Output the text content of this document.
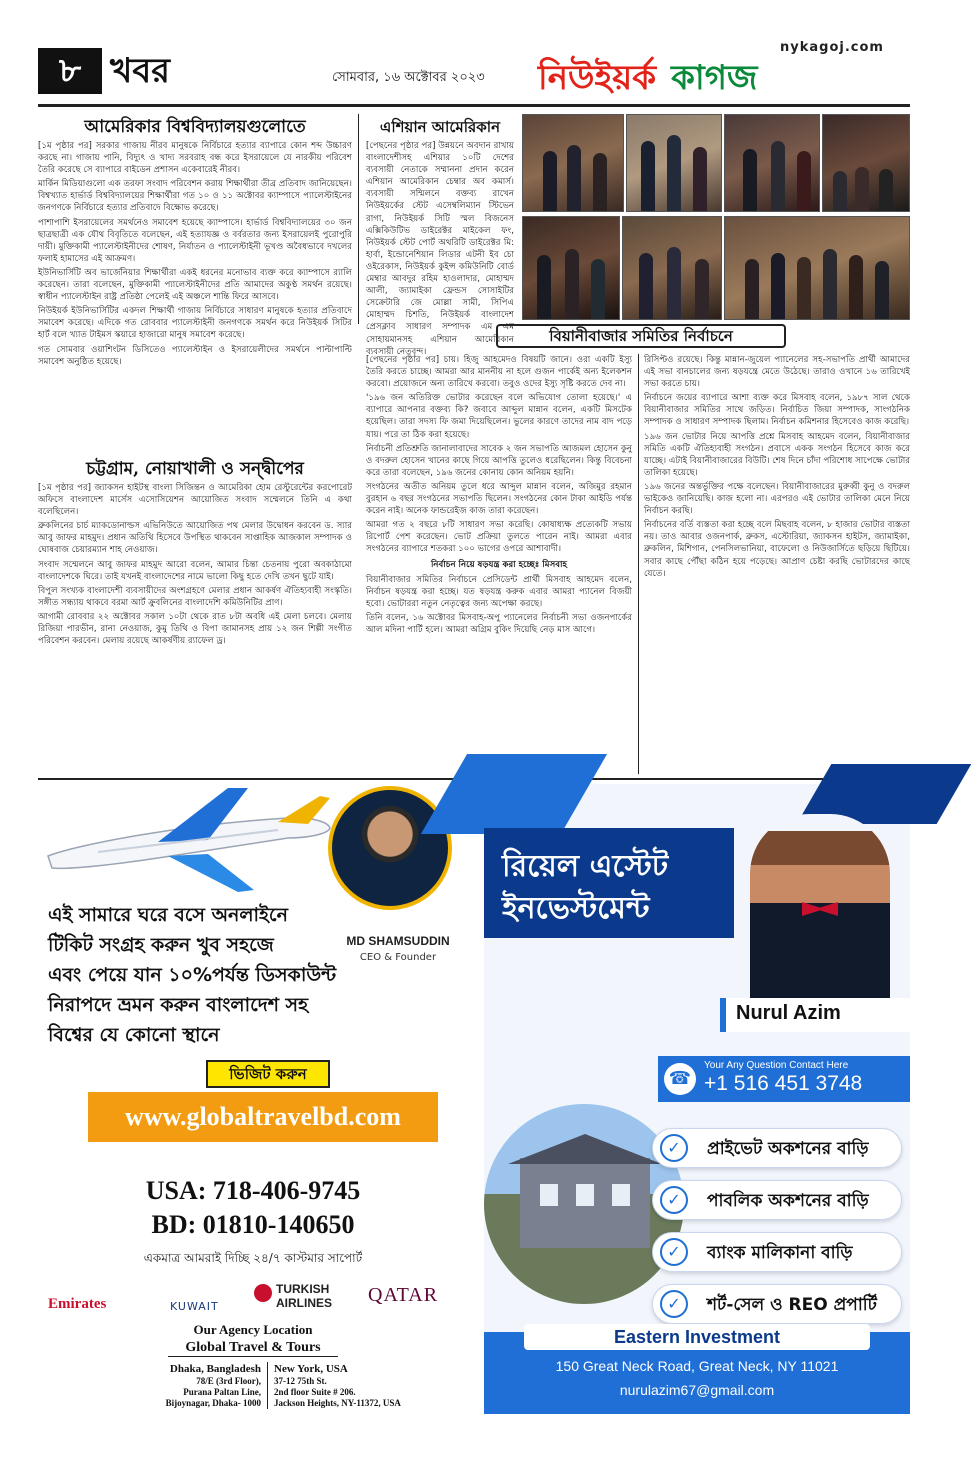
৮ খবর	সোমবার, ১৬ অক্টোবর ২০২৩
nykagoj.com
নিউইয়র্ক কাগজ
আমেরিকার বিশ্ববিদ্যালয়গুলোতে

[১ম পৃষ্ঠার পর] সরকার গাজায় নীরব মানুষকে নির্বিচারে হত্যার ব্যাপারে কোন শব্দ উচ্চারণ করছে না। গাজায় পানি, বিদ্যুৎ ও খাদ্য সরবরাহ বন্ধ করে ইসরায়েলে যে নারকীয় পরিবেশ তৈরি করেছে সে ব্যাপারে বাইডেন প্রশাসন একেবারেই নীরব।

মার্কিন মিডিয়াগুলো এক তরফা সংবাদ পরিবেশন করায় শিক্ষার্থীরা তীব্র প্রতিবাদ জানিয়েছেন। বিশ্বখ্যাত হার্ভার্ড বিশ্ববিদ্যালয়ের শিক্ষার্থীরা গত ১০ ও ১১ অক্টোবর ক্যাম্পাসে প্যালেস্টাইনের জনগণকে নির্বিচারে হত্যার প্রতিবাদে বিক্ষোভ করেছে।

পাশাপাশি ইসরায়েলের সমর্থনেও সমাবেশ হয়েছে ক্যাম্পাসে। হার্ভার্ড বিশ্ববিদ্যালয়ের ৩০ জন ছাত্রছাত্রী এক যৌথ বিবৃতিতে বলেছেন, এই হত্যাযজ্ঞ ও বর্বরতার জন্য ইসরায়েলই পুরোপুরি দায়ী। মুক্তিকামী প্যালেস্টাইনীদের শোষণ, নির্যাতন ও প্যালেস্টাইনী ভূখণ্ড অবৈধভাবে দখলের ফলাই হামাসের এই আক্রমণ।

ইউনিভার্সিটি অব ভার্জেনিয়ার শিক্ষার্থীরা একই ধরনের মনোভাব ব্যক্ত করে ক্যাম্পাসে র‍্যালি করেছেন। তারা বলেছেন, মুক্তিকামী প্যালেস্টাইনীদের প্রতি আমাদের অকুণ্ঠ সমর্থন রয়েছে। স্বাধীন প্যালেস্টাইন রাষ্ট্র প্রতিষ্ঠা পেলেই এই অঞ্চলে শান্তি ফিরে আসবে।

নিউইয়র্ক ইউনিভার্সিটির একদল শিক্ষার্থী গাজায় নির্বিচারে সাধারণ মানুষকে হত্যার প্রতিবাদে সমাবেশ করেছে। এদিকে গত রোববার প্যালেস্টাইনী জনগণকে সমর্থন করে নিউইয়র্ক সিটির হার্ট বলে খ্যাত টাইমস স্কয়ারে হাজারো মানুষ সমাবেশ করেছে।

গত সোমবার ওয়াশিংটন ডিসিতেও প্যালেস্টাইন ও ইসরায়েলীদের সমর্থনে পাল্টাপাল্টি সমাবেশ অনুষ্ঠিত হয়েছে।

এশিয়ান আমেরিকান

[পেছনের পৃষ্ঠার পর] উন্নয়নে অবদান রাখায় বাংলাদেশীসহ এশিয়ার ১০টি দেশের ব্যবসায়ী নেতাকে সম্মাননা প্রদান করেন এশিয়ান আমেরিকান চেম্বার অব কমার্স। ব্যবসায়ী সম্মিলনে বক্তব্য রাখেন নিউইয়র্কের স্টেট এসেম্বলিম্যান স্টিভেন রাগা, নিউইয়র্ক সিটি স্মল বিজনেস এক্সিকিউটিভ ডাইরেক্টর মাইকেল ফং, নিউইয়র্ক স্টেট পোর্ট অথরিটি ডাইরেক্টর মি: হার্বা, ইন্ডোনেশিয়ান লিডার এটনী ইব চো ওইরেকাস, নিউইয়র্ক কুইন্স কমিউনিটি বোর্ড মেম্বার আবদুর রহিম হাওলাদার, মোহাম্মদ আলী, জ্যামাইকা ফ্রেন্ডস সোসাইটির সেক্রেটারি জে মোল্লা সামী, সিপিএ মোহাম্মদ চিশতি, নিউইয়র্ক বাংলাদেশ প্রেসক্লাব সাধারণ সম্পাদক এম এম সোহায়মানসহ এশিয়ান আমেরিকান ব্যবসায়ী নেতৃবৃন্দ।

বিয়ানীবাজার সমিতির নির্বাচনে

[পেছনের পৃষ্ঠার পর] চায়। হিজু আহমেদও বিষয়টি জানে। ওরা একটি ইস্যু তৈরি করতে চাচ্ছে। আমরা আর মাননীয় না হলে গুজন পার্কেই অন্য ইলেকশন করবো। প্রয়োজনে অন্য তারিখে করবো। তবুও ওদের ইস্যু সৃষ্টি করতে দেব না।

'১৯৬ জন অতিরিক্ত ভোটার করেছেন বলে অভিযোগ তোলা হয়েছে।' এ ব্যাপারে আপনার বক্তব্য কি? জবাবে আব্দুল মান্নান বলেন, একটি মিসটেক হয়েছিল। তারা সদস্য ফি জমা দিয়েছিলেন। ভুলের কারণে তাদের নাম বাদ পড়ে যায়। পরে তা ঠিক করা হয়েছে।

নির্বাচনী প্রতিশ্রুতি জানালাবাদের সাবেক ২ জন সভাপতি আজমল হোসেন কুনু ও বদরুল হোসেন খানের কাছে গিয়ে আপত্তি তুলেও ধরেছিলেন। কিন্তু বিবেচনা করে তারা বলেছেন, ১৯৬ জনের কোনায় কোন অনিয়ম হয়নি।

সংগঠনের অতীত অনিয়ম তুলে ধরে আব্দুল মান্নান বলেন, অজিমুর রহমান বুরহান ৬ বছর সংগঠনের সভাপতি ছিলেন। সংগঠনের কোন টাকা আইডি পর্যন্ত করেন নাই। অনেক ফান্ডরেইজ কাজ তারা করেছেন।

আমরা গত ২ বছরে ৮টি সাধারণ সভা করেছি। কোষাধ্যক্ষ প্রত্যেকটি সভায় রিপোর্ট পেশ করেছেন। ভোট প্রক্রিয়া তুলতে পারেন নাই। আমরা এবার সংগঠনের ব্যাপারে শতকরা ১০০ ভাগের ওপরে আশাবাদী।

নির্বাচন নিয়ে ষড়যন্ত্র করা হচ্ছেঃ মিসবাহ

বিয়ানীবাজার সমিতির নির্বাচনে প্রেসিডেন্ট প্রার্থী মিসবাহ আহমেদ বলেন, নির্বাচন ষড়যন্ত্র করা হচ্ছে। যত ষড়যন্ত্র করুক এবার আমরা প্যানেল বিজয়ী হবো। ভোটাররা নতুন নেতৃত্বের জন্য অপেক্ষা করছে।

তিনি বলেন, ১৬ অক্টোবর মিসবাহ-অপু প্যানেলের নির্বাচনী সভা ওজনপার্কের আল মদিনা পার্টি হলে। আমরা অগ্রিম বুকিং দিয়েছি নেড় মাস আগে।

রিসিপ্টও রয়েছে। কিন্তু মান্নান-জুয়েল প্যানেলের সহ-সভাপতি প্রার্থী আমাদের এই সভা বানচালের জন্য ষড়যন্ত্রে মেতে উঠেছে। তারাও ওখানে ১৬ তারিখেই সভা করতে চায়।

নির্বাচনে জয়ের ব্যাপারে আশা ব্যক্ত করে মিসবাহ বলেন, ১৯৮৭ সাল থেকে বিয়ানীবাজার সমিতির সাথে জড়িত। নির্বাচিত জিয়া সম্পাদক, সাংগঠনিক সম্পাদক ও সাধারণ সম্পাদক ছিলাম। নির্বাচন কমিশনার হিসেবেও কাজ করেছি।

১৯৬ জন ভোটার নিয়ে আপত্তি প্রশ্নে মিসবাহ আহমেদ বলেন, বিয়ানীবাজার সমিতি একটি ঐতিহ্যবাহী সংগঠন। প্রবাসে একক সংগঠন হিসেবে কাজ করে যাচ্ছে। এটাই বিয়ানীবাজারের বিউটি। শেষ দিনে চাঁদা পরিশোধ সাপেক্ষে ভোটার তালিকা হয়েছে।

১৯৬ জনের অন্তর্ভুক্তির পক্ষে বলেছেন। বিয়ানীবাজারের মুরুব্বী কুনু ও বদরুল ভাইকেও জানিয়েছি। কাজ হলো না। এরপরও এই ভোটার তালিকা মেনে নিয়ে নির্বাচন করছি।

নির্বাচনের বর্তি ব্যস্ততা করা হচ্ছে বলে মিছবাহ বলেন, ৮ হাজার ভোটার ব্যস্ততা নয়। তাও আবার ওজনপার্ক, ব্রুকস, এস্টোরিয়া, জ্যাকসন হাইটস, জ্যামাইকা, ব্রুকলিন, মিশিগান, পেনসিলভানিয়া, বাফেলো ও নিউজার্সিতে ছড়িয়ে ছিটিয়ে। সবার কাছে পৌঁছা কঠিন হয়ে পড়েছে। আপ্রাণ চেষ্টা করছি ভোটারদের কাছে যেতে।

চট্টগ্রাম, নোয়াখালী ও সন্দ্বীপের

[১ম পৃষ্ঠার পর] জ্যাকসন হাইটস্থ বাংলা সিজিন্তন ও আমেরিকা হোম রেস্টুরেন্টের করপোরেট অফিসে বাংলাদেশ মার্সেস এসোসিয়েশন আয়োজিত সংবাদ সম্মেলনে তিনি এ কথা বলেছিলেন।

ব্রুকলিনের চার্চ ম্যাকডোনাল্ডস এভিনিউতে আয়োজিত পথ মেলার উদ্বোধন করবেন ড. স্যার আবু জাফর মাহমুদ। প্রধান অতিথি হিসেবে উপস্থিত থাকবেন সাপ্তাহিক আজকাল সম্পাদক ও ঘোষবাজ চেয়ারম্যান শাহ নেওয়াজ।

সংবাদ সম্মেলনে আবু জাফর মাহমুদ আরো বলেন, আমার চিন্তা চেতনায় পুরো অবকাঠামো বাংলাদেশকে ঘিরে। তাই যখনই বাংলাদেশের নামে ভালো কিছু হতে দেখি তখন ছুটে যাই।

বিপুল সংখ্যক বাংলাদেশী ব্যবসায়ীদের অংশগ্রহণে মেলার প্রধান আকর্ষণ ঐতিহ্যবাহী সংস্কৃতি। সঙ্গীত সন্ধ্যায় থাকবে বরমা আর্ট ক্রুবলিনের বাংলাদেশি কমিউনিটির প্রাণ।

আগামী রোববার ২২ অক্টোবর সকাল ১০টা থেকে রাত ৮টা অবধি এই মেলা চলবে। মেলায় রিজিয়া পারভীন, রানা নেওয়াজ, কুমু তিথি ও বিপা জামানসহ প্রায় ১২ জন শিল্পী সংগীত পরিবেশন করবেন। মেলায় রয়েছে আকর্ষণীয় র‍্যাফেল ড্র।

MD SHAMSUDDIN
CEO & Founder
এই সামারে ঘরে বসে অনলাইনে
টিকিট সংগ্রহ করুন খুব সহজে
এবং পেয়ে যান ১০%পর্যন্ত ডিসকাউন্ট
নিরাপদে ভ্রমন করুন বাংলাদেশ সহ
বিশ্বের যে কোনো স্থানে
ভিজিট করুন
www.globaltravelbd.com
USA: 718-406-9745
BD: 01810-140650
একমাত্র আমরাই দিচ্ছি ২৪/৭ কাস্টমার সাপোর্ট
Emirates	KUWAIT
TURKISH AIRLINES	QATAR
Our Agency Location
Global Travel & Tours
Dhaka, Bangladesh
78/E (3rd Floor),
Purana Paltan Line,
Bijoynagar, Dhaka- 1000
New York, USA
37-12 75th St.
2nd floor Suite # 206.
Jackson Heights, NY-11372, USA
রিয়েল এস্টেট
ইনভেস্টমেন্ট
Nurul Azim
☎
Your Any Question Contact Here
+1 516 451 3748
প্রাইভেট অকশনের বাড়ি
✓
পাবলিক অকশনের বাড়ি
✓
ব্যাংক মালিকানা বাড়ি
✓
শর্ট-সেল ও REO প্রপার্টি
✓
Eastern Investment
150 Great Neck Road, Great Neck, NY 11021
nurulazim67@gmail.com
